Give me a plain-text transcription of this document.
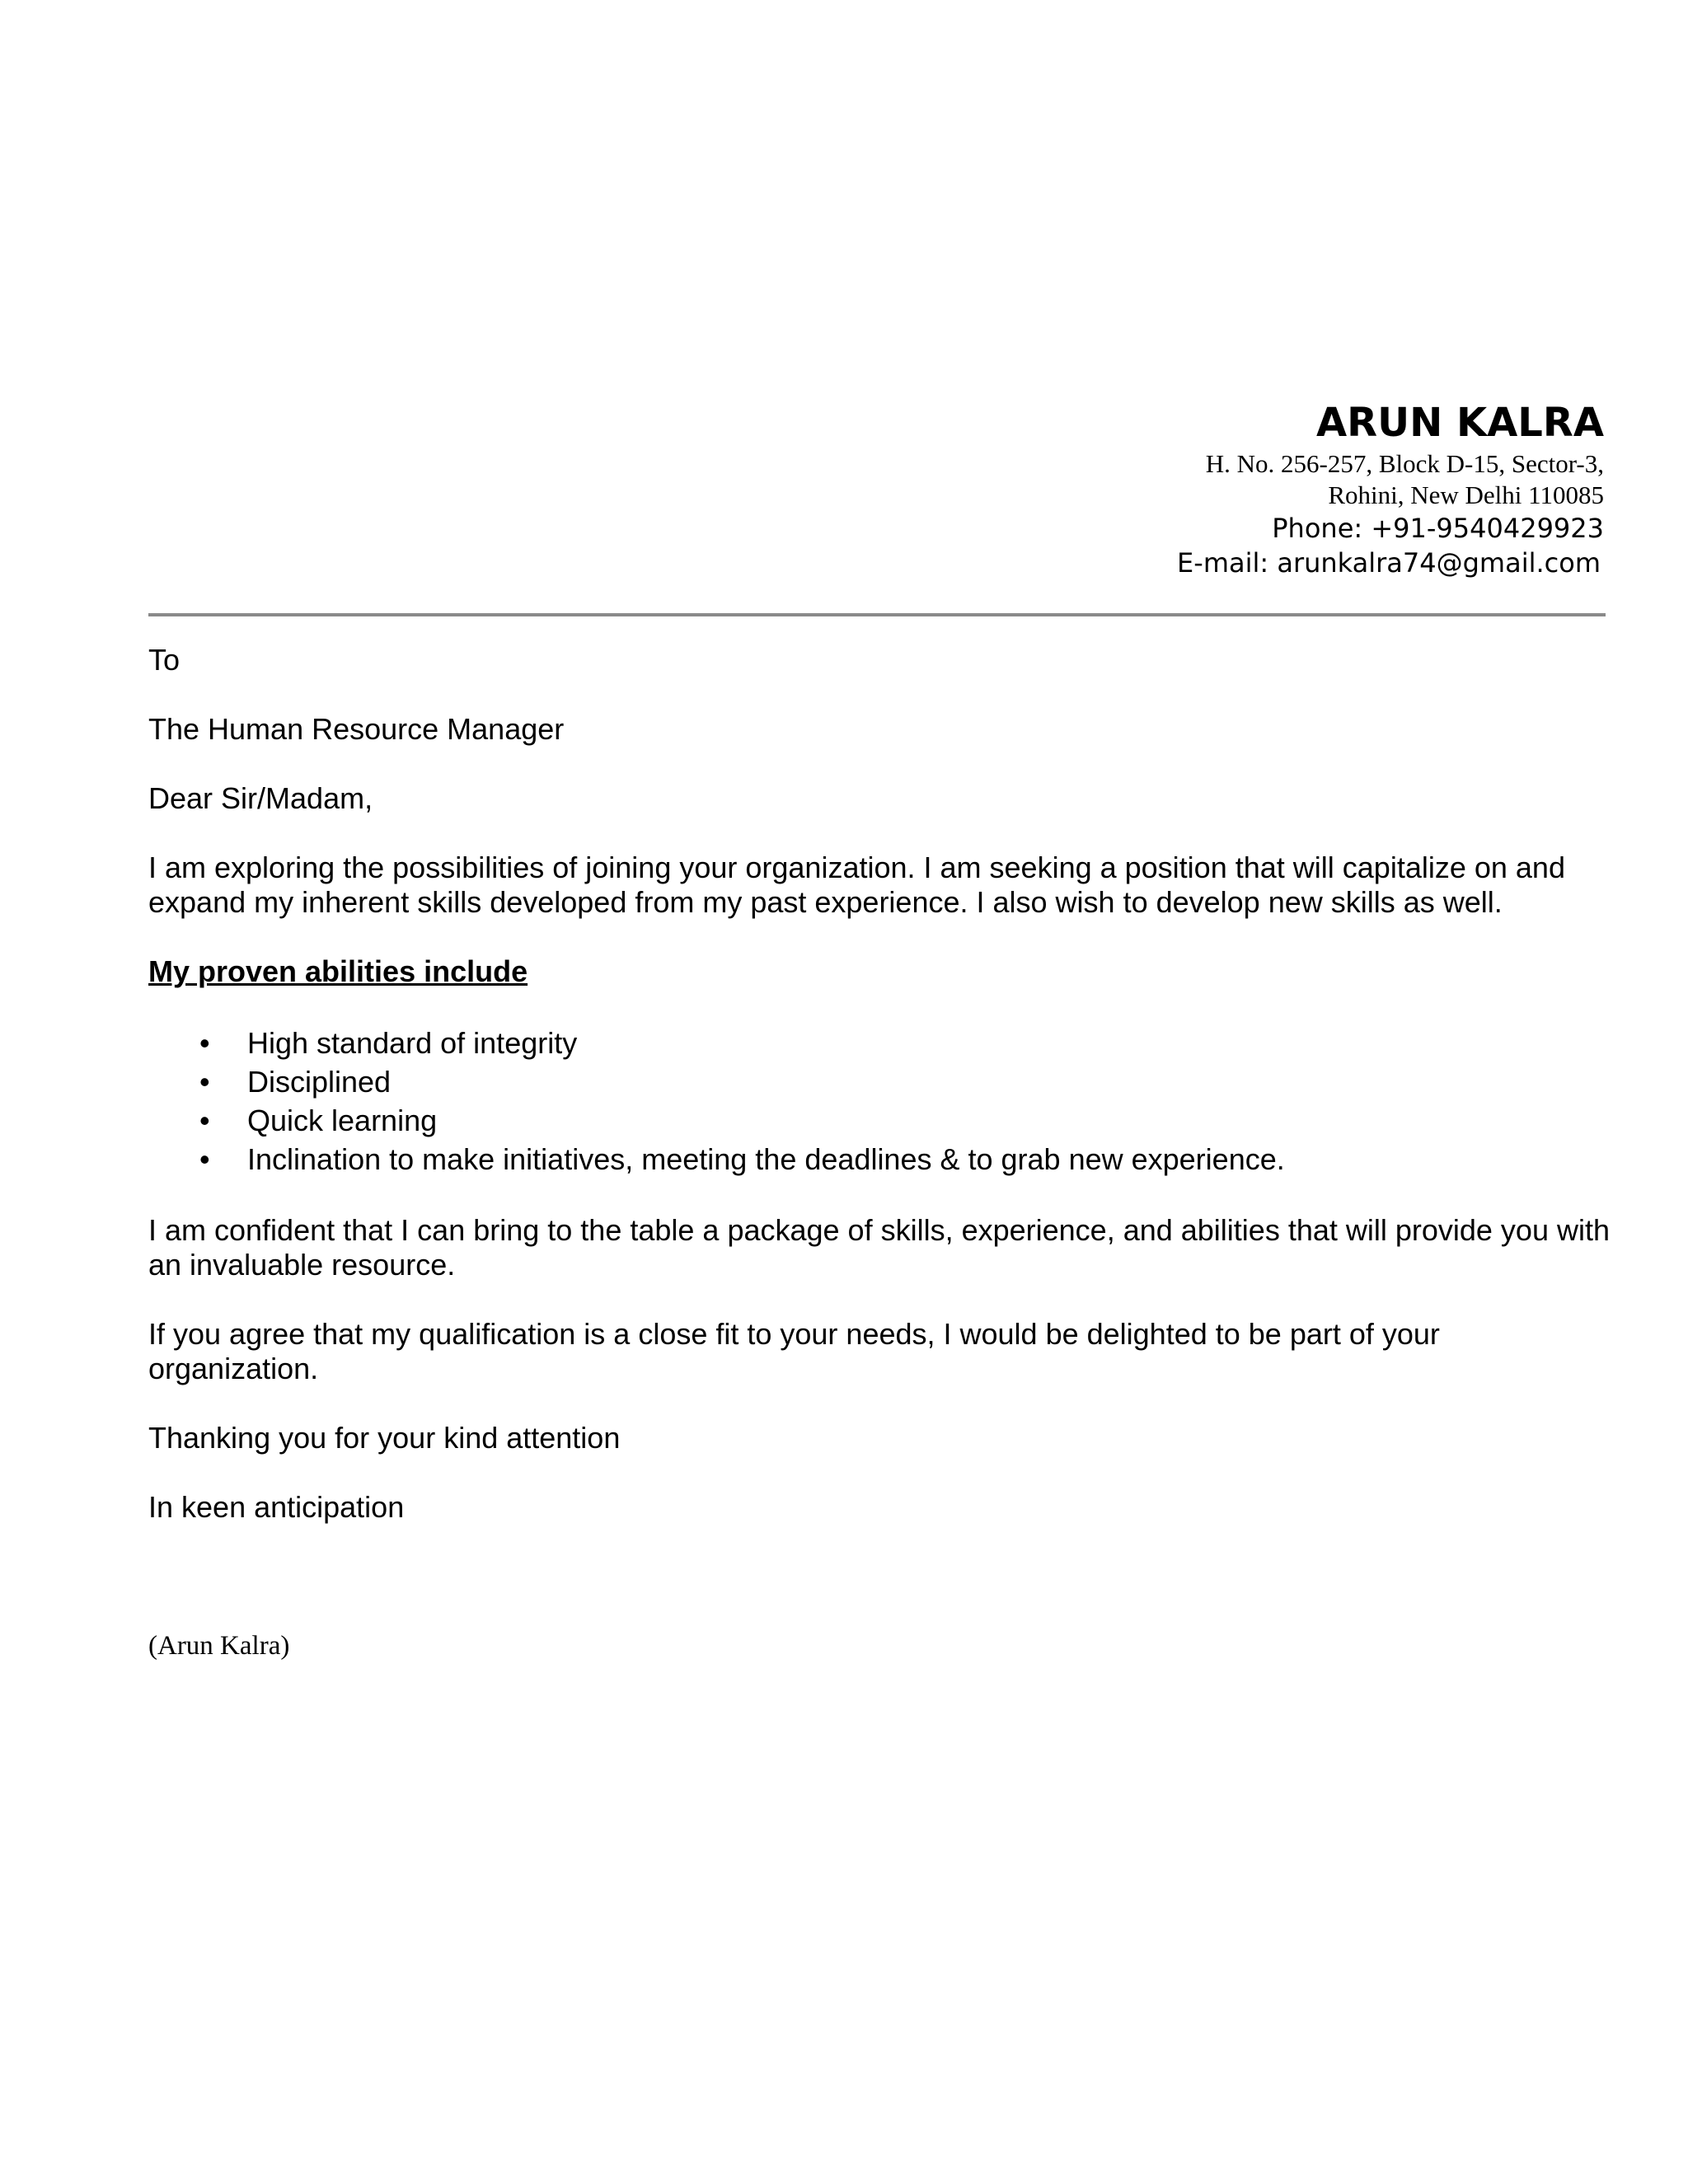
ARUN KALRA

H. No. 256-257, Block D-15, Sector-3,

Rohini, New Delhi 110085

Phone: +91-9540429923

E-mail: arunkalra74@gmail.com

To

The Human Resource Manager

Dear Sir/Madam,

I am exploring the possibilities of joining your organization. I am seeking a position that will capitalize on and expand my inherent skills developed from my past experience. I also wish to develop new skills as well.

My proven abilities include

• High standard of integrity
• Disciplined
• Quick learning
• Inclination to make initiatives, meeting the deadlines & to grab new experience.

I am confident that I can bring to the table a package of skills, experience, and abilities that will provide you with an invaluable resource.

If you agree that my qualification is a close fit to your needs, I would be delighted to be part of your organization.

Thanking you for your kind attention

In keen anticipation

(Arun Kalra)
